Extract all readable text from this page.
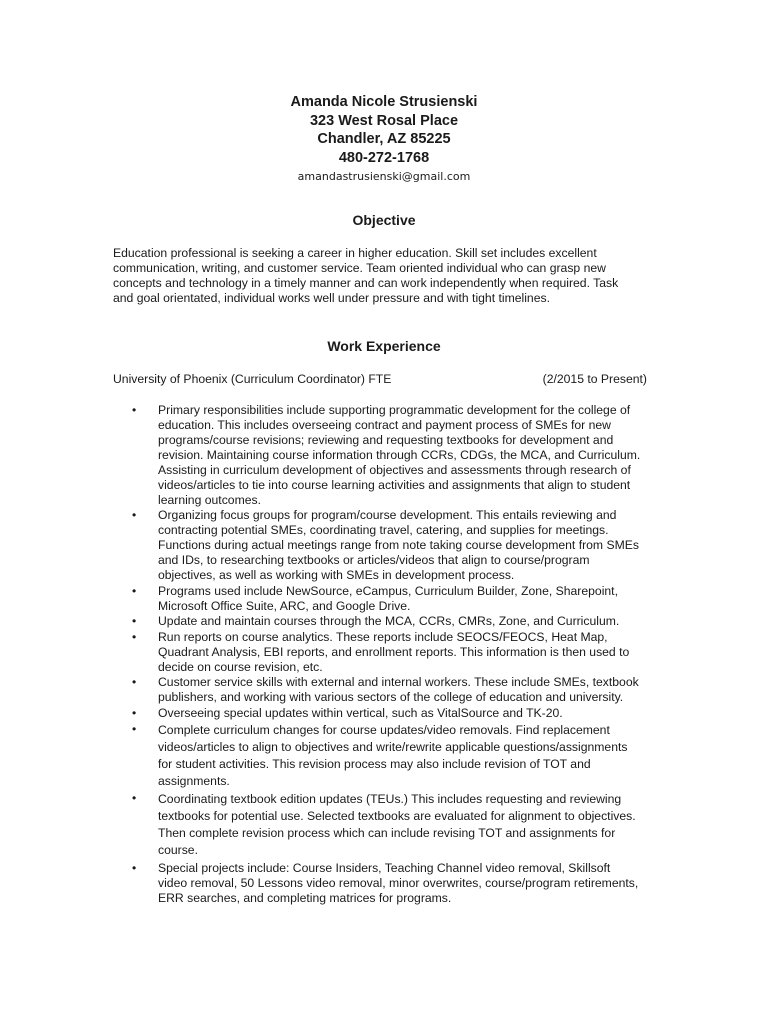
Amanda Nicole Strusienski
323 West Rosal Place
Chandler, AZ 85225
480-272-1768
amandastrusienski@gmail.com
Objective
Education professional is seeking a career in higher education. Skill set includes excellent
communication, writing, and customer service. Team oriented individual who can grasp new
concepts and technology in a timely manner and can work independently when required. Task
and goal orientated, individual works well under pressure and with tight timelines.
Work Experience
University of Phoenix (Curriculum Coordinator) FTE	(2/2015 to Present)
• Primary responsibilities include supporting programmatic development for the college of
education. This includes overseeing contract and payment process of SMEs for new
programs/course revisions; reviewing and requesting textbooks for development and
revision. Maintaining course information through CCRs, CDGs, the MCA, and Curriculum.
Assisting in curriculum development of objectives and assessments through research of
videos/articles to tie into course learning activities and assignments that align to student
learning outcomes.
• Organizing focus groups for program/course development. This entails reviewing and
contracting potential SMEs, coordinating travel, catering, and supplies for meetings.
Functions during actual meetings range from note taking course development from SMEs
and IDs, to researching textbooks or articles/videos that align to course/program
objectives, as well as working with SMEs in development process.
• Programs used include NewSource, eCampus, Curriculum Builder, Zone, Sharepoint,
Microsoft Office Suite, ARC, and Google Drive.
• Update and maintain courses through the MCA, CCRs, CMRs, Zone, and Curriculum.
• Run reports on course analytics. These reports include SEOCS/FEOCS, Heat Map,
Quadrant Analysis, EBI reports, and enrollment reports. This information is then used to
decide on course revision, etc.
• Customer service skills with external and internal workers. These include SMEs, textbook
publishers, and working with various sectors of the college of education and university.
• Overseeing special updates within vertical, such as VitalSource and TK-20.
• Complete curriculum changes for course updates/video removals. Find replacement
videos/articles to align to objectives and write/rewrite applicable questions/assignments
for student activities. This revision process may also include revision of TOT and
assignments.
• Coordinating textbook edition updates (TEUs.) This includes requesting and reviewing
textbooks for potential use. Selected textbooks are evaluated for alignment to objectives.
Then complete revision process which can include revising TOT and assignments for
course.
• Special projects include: Course Insiders, Teaching Channel video removal, Skillsoft
video removal, 50 Lessons video removal, minor overwrites, course/program retirements,
ERR searches, and completing matrices for programs.
